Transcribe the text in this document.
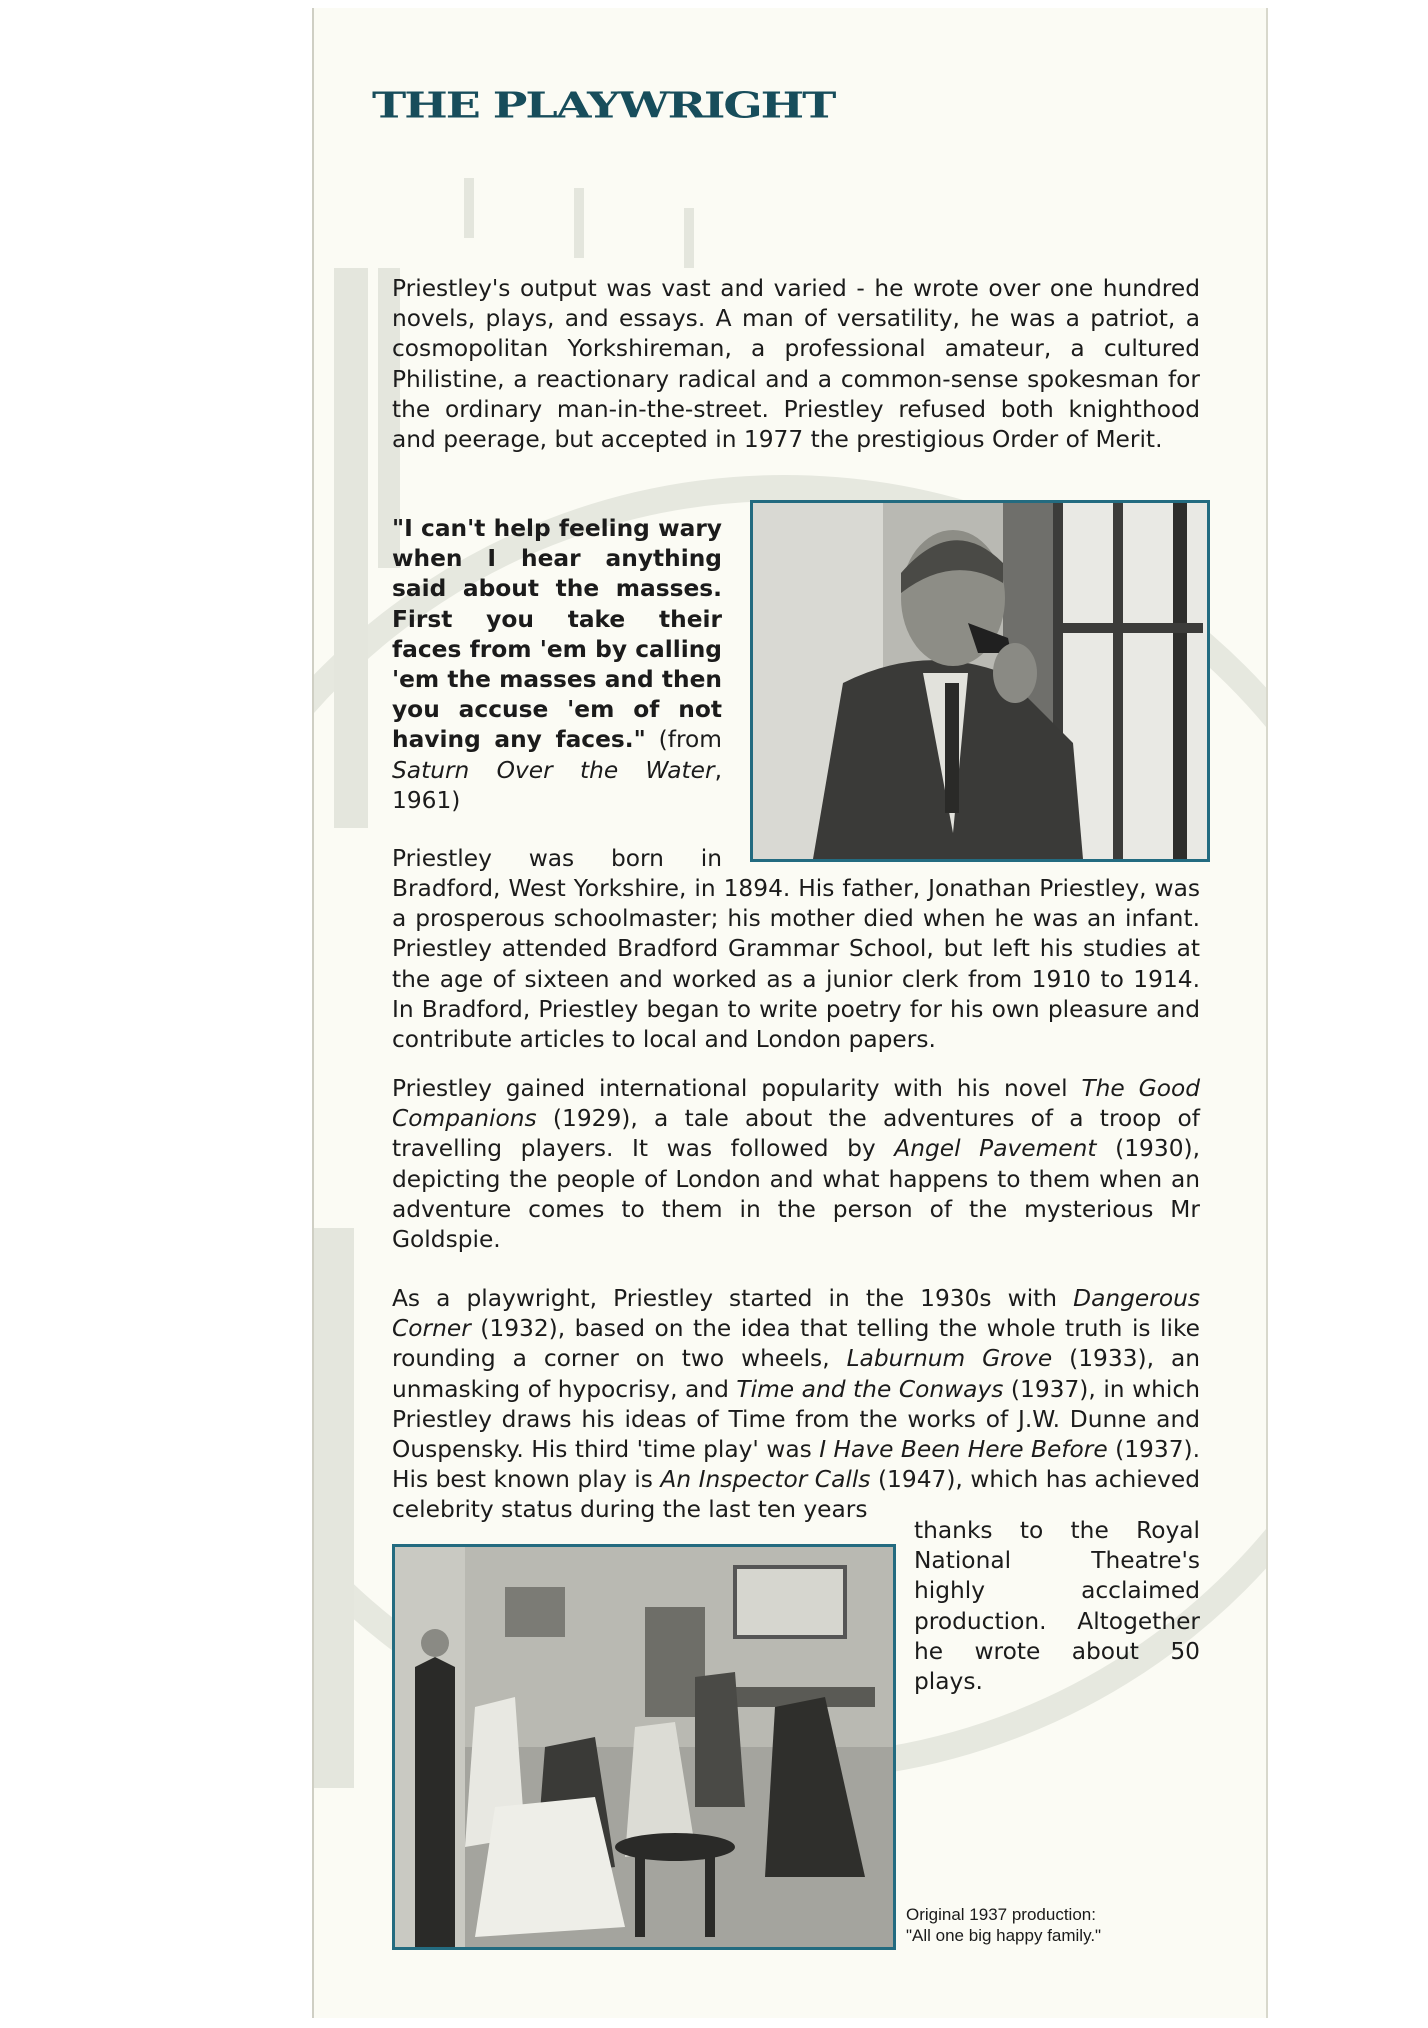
THE PLAYWRIGHT

Priestley's output was vast and varied - he wrote over one hundred novels, plays, and essays. A man of versatility, he was a patriot, a cosmopolitan Yorkshireman, a professional amateur, a cultured Philistine, a reactionary radical and a common-sense spokesman for the ordinary man-in-the-street. Priestley refused both knighthood and peerage, but accepted in 1977 the prestigious Order of Merit.

"I can't help feeling wary when I hear anything said about the masses. First you take their faces from 'em by calling 'em the masses and then you accuse 'em of not having any faces." (from Saturn Over the Water, 1961)

Priestley was born in

Bradford, West Yorkshire, in 1894. His father, Jonathan Priestley, was a prosperous schoolmaster; his mother died when he was an infant. Priestley attended Bradford Grammar School, but left his studies at the age of sixteen and worked as a junior clerk from 1910 to 1914. In Bradford, Priestley began to write poetry for his own pleasure and contribute articles to local and London papers.

Priestley gained international popularity with his novel The Good Companions (1929), a tale about the adventures of a troop of travelling players. It was followed by Angel Pavement (1930), depicting the people of London and what happens to them when an adventure comes to them in the person of the mysterious Mr Goldspie.

As a playwright, Priestley started in the 1930s with Dangerous Corner (1932), based on the idea that telling the whole truth is like rounding a corner on two wheels, Laburnum Grove (1933), an unmasking of hypocrisy, and Time and the Conways (1937), in which Priestley draws his ideas of Time from the works of J.W. Dunne and Ouspensky. His third 'time play' was I Have Been Here Before (1937). His best known play is An Inspector Calls (1947), which has achieved celebrity status during the last ten years

thanks to the Royal National Theatre's highly acclaimed production. Altogether he wrote about 50 plays.

Original 1937 production:
"All one big happy family."
